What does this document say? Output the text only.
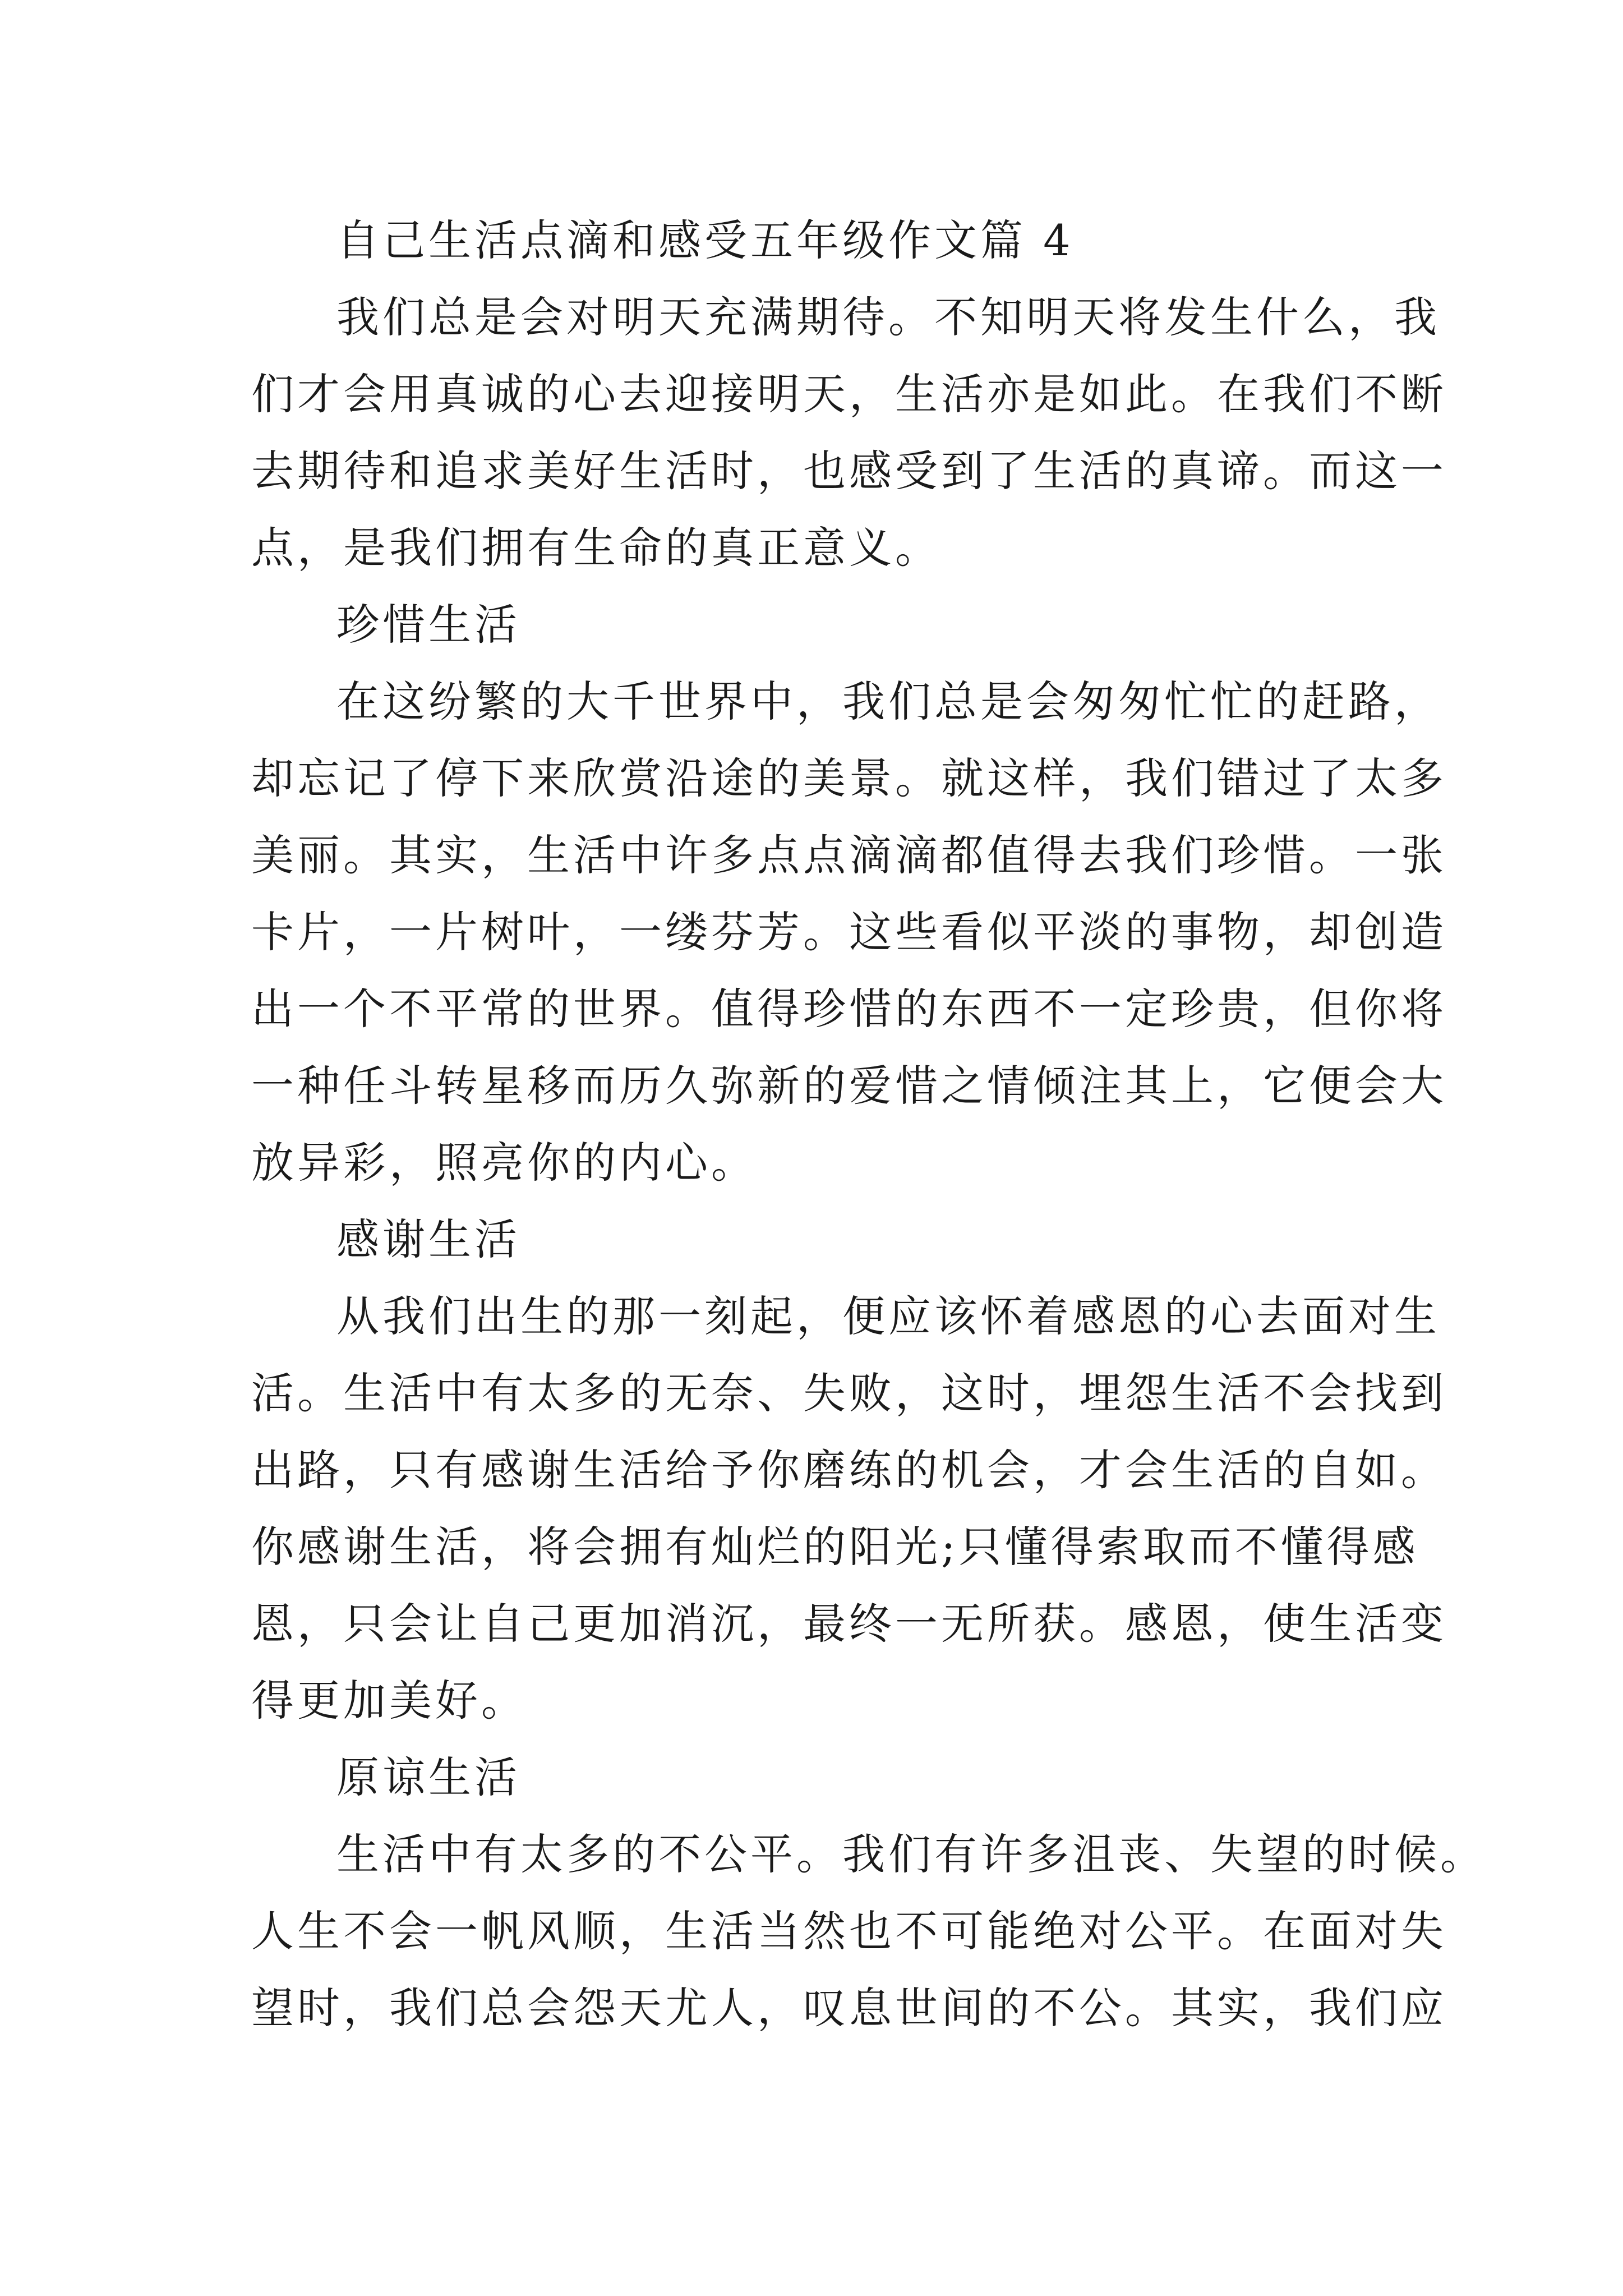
自己生活点滴和感受五年级作文篇 4
我们总是会对明天充满期待。不知明天将发生什么，我
们才会用真诚的心去迎接明天，生活亦是如此。在我们不断
去期待和追求美好生活时，也感受到了生活的真谛。而这一
点，是我们拥有生命的真正意义。
珍惜生活
在这纷繁的大千世界中，我们总是会匆匆忙忙的赶路，
却忘记了停下来欣赏沿途的美景。就这样，我们错过了太多
美丽。其实，生活中许多点点滴滴都值得去我们珍惜。一张
卡片，一片树叶，一缕芬芳。这些看似平淡的事物，却创造
出一个不平常的世界。值得珍惜的东西不一定珍贵，但你将
一种任斗转星移而历久弥新的爱惜之情倾注其上，它便会大
放异彩，照亮你的内心。
感谢生活
从我们出生的那一刻起，便应该怀着感恩的心去面对生
活。生活中有太多的无奈、失败，这时，埋怨生活不会找到
出路，只有感谢生活给予你磨练的机会，才会生活的自如。
你感谢生活，将会拥有灿烂的阳光;只懂得索取而不懂得感
恩，只会让自己更加消沉，最终一无所获。感恩，使生活变
得更加美好。
原谅生活
生活中有太多的不公平。我们有许多沮丧、失望的时候。
人生不会一帆风顺，生活当然也不可能绝对公平。在面对失
望时，我们总会怨天尤人，叹息世间的不公。其实，我们应
